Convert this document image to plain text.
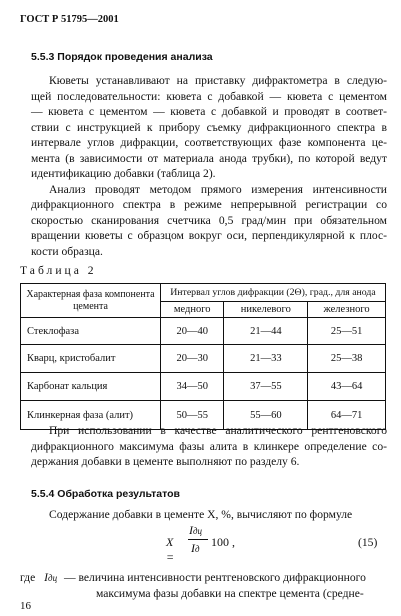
ГОСТ Р 51795—2001
5.5.3 Порядок проведения анализа
Кюветы устанавливают на приставку дифрактометра в следую-
щей последовательности: кювета с добавкой — кювета с цементом
— кювета с цементом — кювета с добавкой и проводят в соответ-
ствии с инструкцией к прибору съемку дифракционного спектра в
интервале углов дифракции, соответствующих фазе компонента це-
мента (в зависимости от материала анода трубки), по которой ведут
идентификацию добавки (таблица 2).
Анализ проводят методом прямого измерения интенсивности
дифракционного спектра в режиме непрерывной регистрации со
скоростью сканирования счетчика 0,5 град/мин при обязательном
вращении кюветы с образцом вокруг оси, перпендикулярной к плос-
кости образца.
Таблица 2
Характерная фаза компонента цемента	Интервал углов дифракции (2Θ), град., для анода		
	медного	никелевого	железного
Стеклофаза	20—40	21—44	25—51
Кварц, кристобалит	20—30	21—33	25—38
Карбонат кальция	34—50	37—55	43—64
Клинкерная фаза (алит)	50—55	55—60	64—71
При использовании в качестве аналитического рентгеновского
дифракционного максимума фазы алита в клинкере определение со-
держания добавки в цементе выполняют по разделу 6.
5.5.4 Обработка результатов
Содержание добавки в цементе X, %, вычисляют по формуле
X =
Iдц
Iд 100 ,	(15)
где Iдц — величина интенсивности рентгеновского дифракционного
максимума фазы добавки на спектре цемента (средне-
16
